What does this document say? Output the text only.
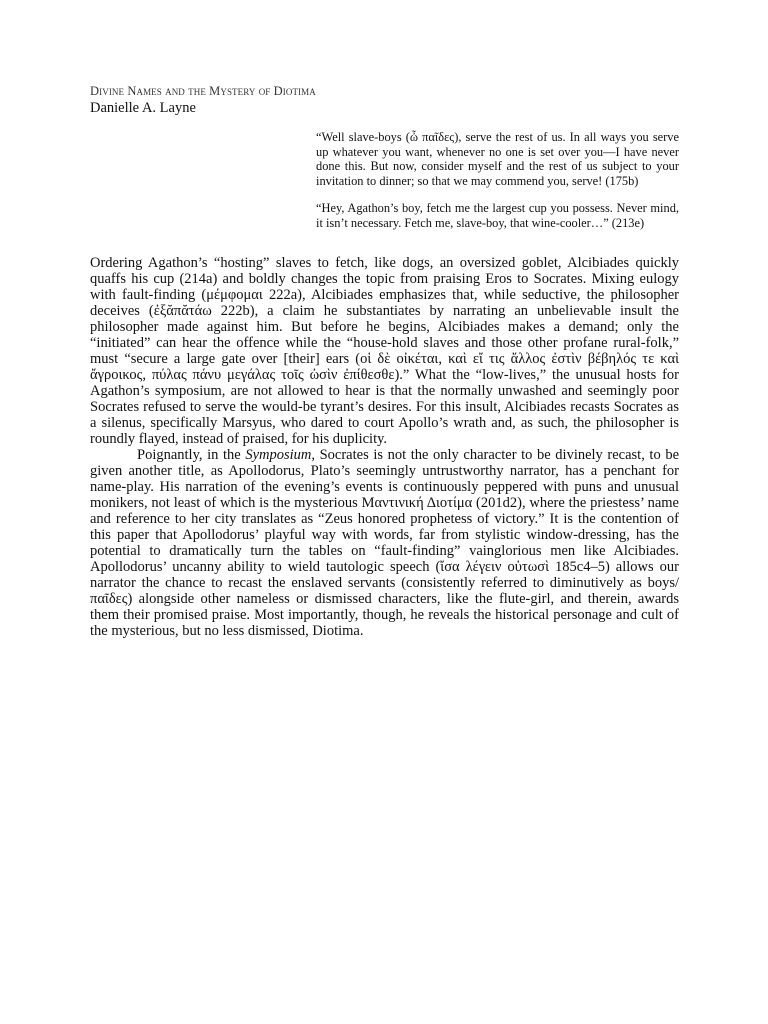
Divine Names and the Mystery of Diotima

Danielle A. Layne

“Well slave-boys (ὦ παῖδες), serve the rest of us. In all ways you serve up whatever you want, whenever no one is set over you—I have never done this. But now, consider myself and the rest of us subject to your invitation to dinner; so that we may commend you, serve! (175b)

“Hey, Agathon’s boy, fetch me the largest cup you possess. Never mind, it isn’t necessary. Fetch me, slave-boy, that wine-cooler…” (213e)

Ordering Agathon’s “hosting” slaves to fetch, like dogs, an oversized goblet, Alcibiades quickly quaffs his cup (214a) and boldly changes the topic from praising Eros to Socrates. Mixing eulogy with fault-finding (μέμφομαι 222a), Alcibiades emphasizes that, while seductive, the philosopher deceives (ἐξᾰπᾰτάω 222b), a claim he substantiates by narrating an unbelievable insult the philosopher made against him. But before he begins, Alcibiades makes a demand; only the “initiated” can hear the offence while the “house-hold slaves and those other profane rural-folk,” must “secure a large gate over [their] ears (οἱ δὲ οἰκέται, καὶ εἴ τις ἄλλος ἐστὶν βέβηλός τε καὶ ἄγροικος, πύλας πάνυ μεγάλας τοῖς ὠσὶν ἐπίθεσθε).” What the “low-lives,” the unusual hosts for Agathon’s symposium, are not allowed to hear is that the normally unwashed and seemingly poor Socrates refused to serve the would-be tyrant’s desires. For this insult, Alcibiades recasts Socrates as a silenus, specifically Marsyus, who dared to court Apollo’s wrath and, as such, the philosopher is roundly flayed, instead of praised, for his duplicity.

Poignantly, in the Symposium, Socrates is not the only character to be divinely recast, to be given another title, as Apollodorus, Plato’s seemingly untrustworthy narrator, has a penchant for name-play. His narration of the evening’s events is continuously peppered with puns and unusual monikers, not least of which is the mysterious Μαντινική Διοτίμα (201d2), where the priestess’ name and reference to her city translates as “Zeus honored prophetess of victory.” It is the contention of this paper that Apollodorus’ playful way with words, far from stylistic window-dressing, has the potential to dramatically turn the tables on “fault-finding” vainglorious men like Alcibiades. Apollodorus’ uncanny ability to wield tautologic speech (ἴσα λέγειν οὑτωσὶ 185c4–5) allows our narrator the chance to recast the enslaved servants (consistently referred to diminutively as boys/παῖδες) alongside other nameless or dismissed characters, like the flute-girl, and therein, awards them their promised praise. Most importantly, though, he reveals the historical personage and cult of the mysterious, but no less dismissed, Diotima.
